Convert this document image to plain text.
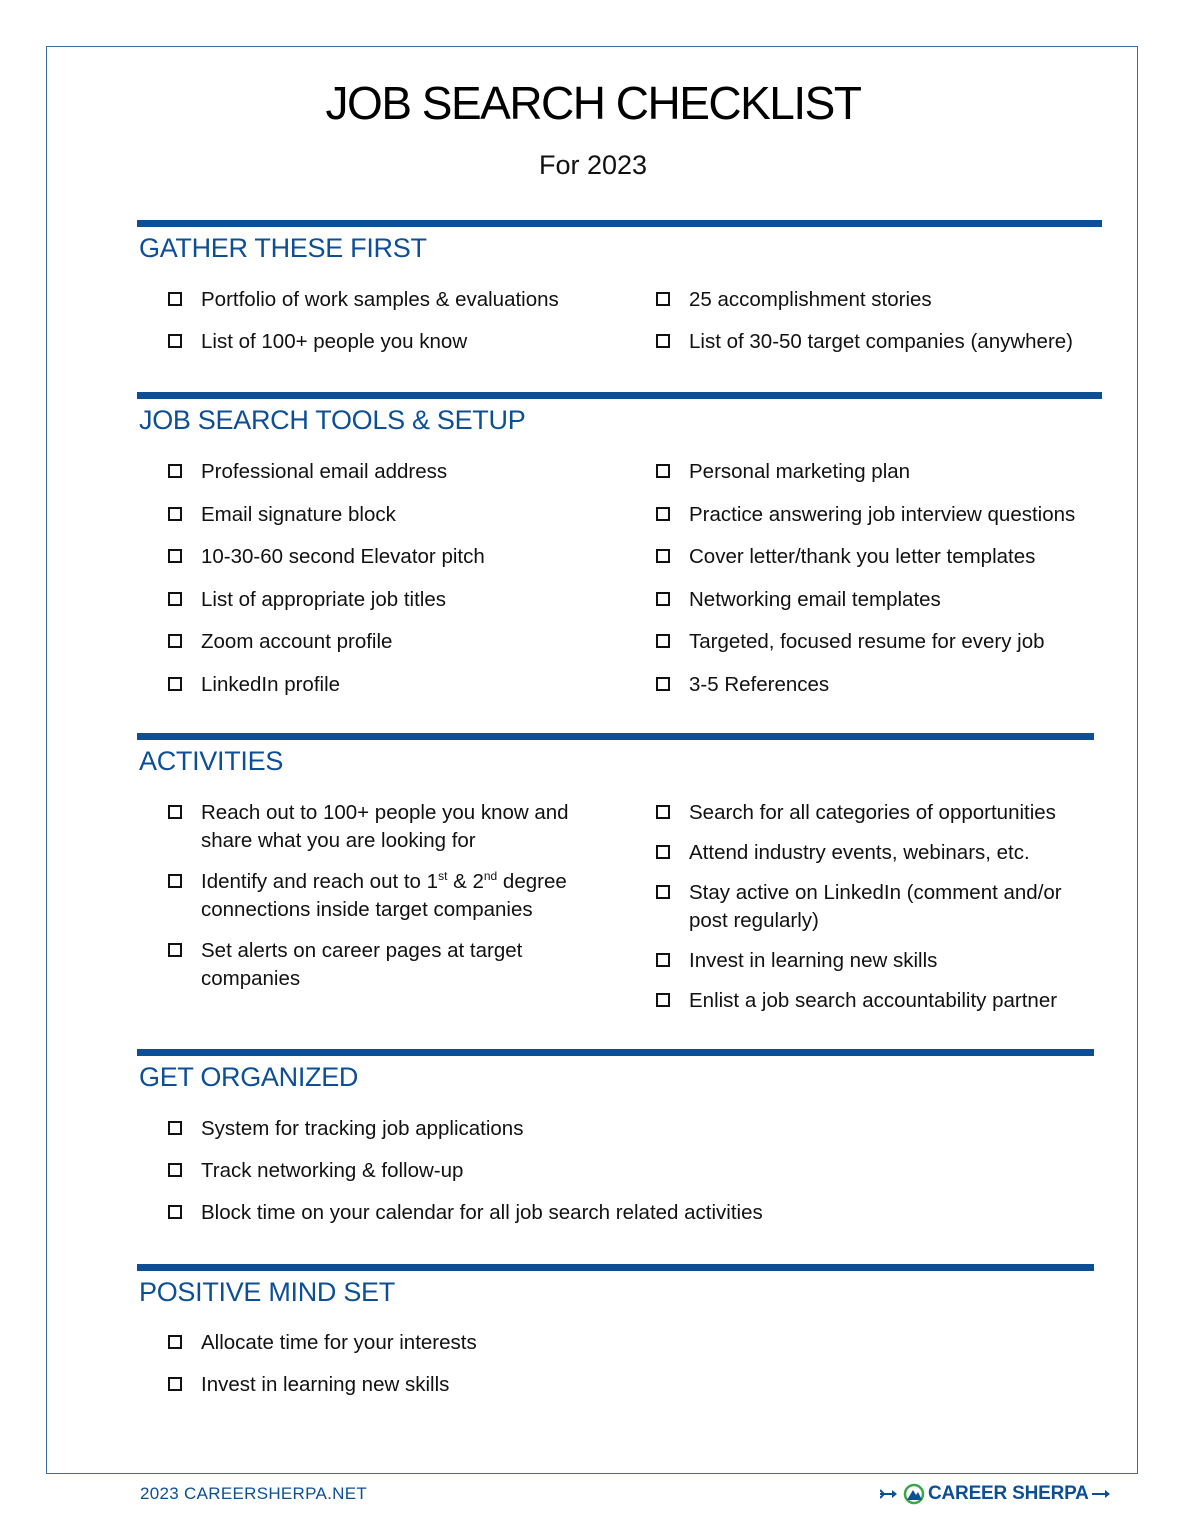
JOB SEARCH CHECKLIST
For 2023
GATHER THESE FIRST
Portfolio of work samples & evaluations
List of 100+ people you know
25 accomplishment stories
List of 30-50 target companies (anywhere)
JOB SEARCH TOOLS & SETUP
Professional email address
Email signature block
10-30-60 second Elevator pitch
List of appropriate job titles
Zoom account profile
LinkedIn profile
Personal marketing plan
Practice answering job interview questions
Cover letter/thank you letter templates
Networking email templates
Targeted, focused resume for every job
3-5 References
ACTIVITIES
Reach out to 100+ people you know and share what you are looking for
Identify and reach out to 1st & 2nd degree connections inside target companies
Set alerts on career pages at target companies
Search for all categories of opportunities
Attend industry events, webinars, etc.
Stay active on LinkedIn (comment and/or post regularly)
Invest in learning new skills
Enlist a job search accountability partner
GET ORGANIZED
System for tracking job applications
Track networking & follow-up
Block time on your calendar for all job search related activities
POSITIVE MIND SET
Allocate time for your interests
Invest in learning new skills
2023 CAREERSHERPA.NET	CAREER SHERPA
